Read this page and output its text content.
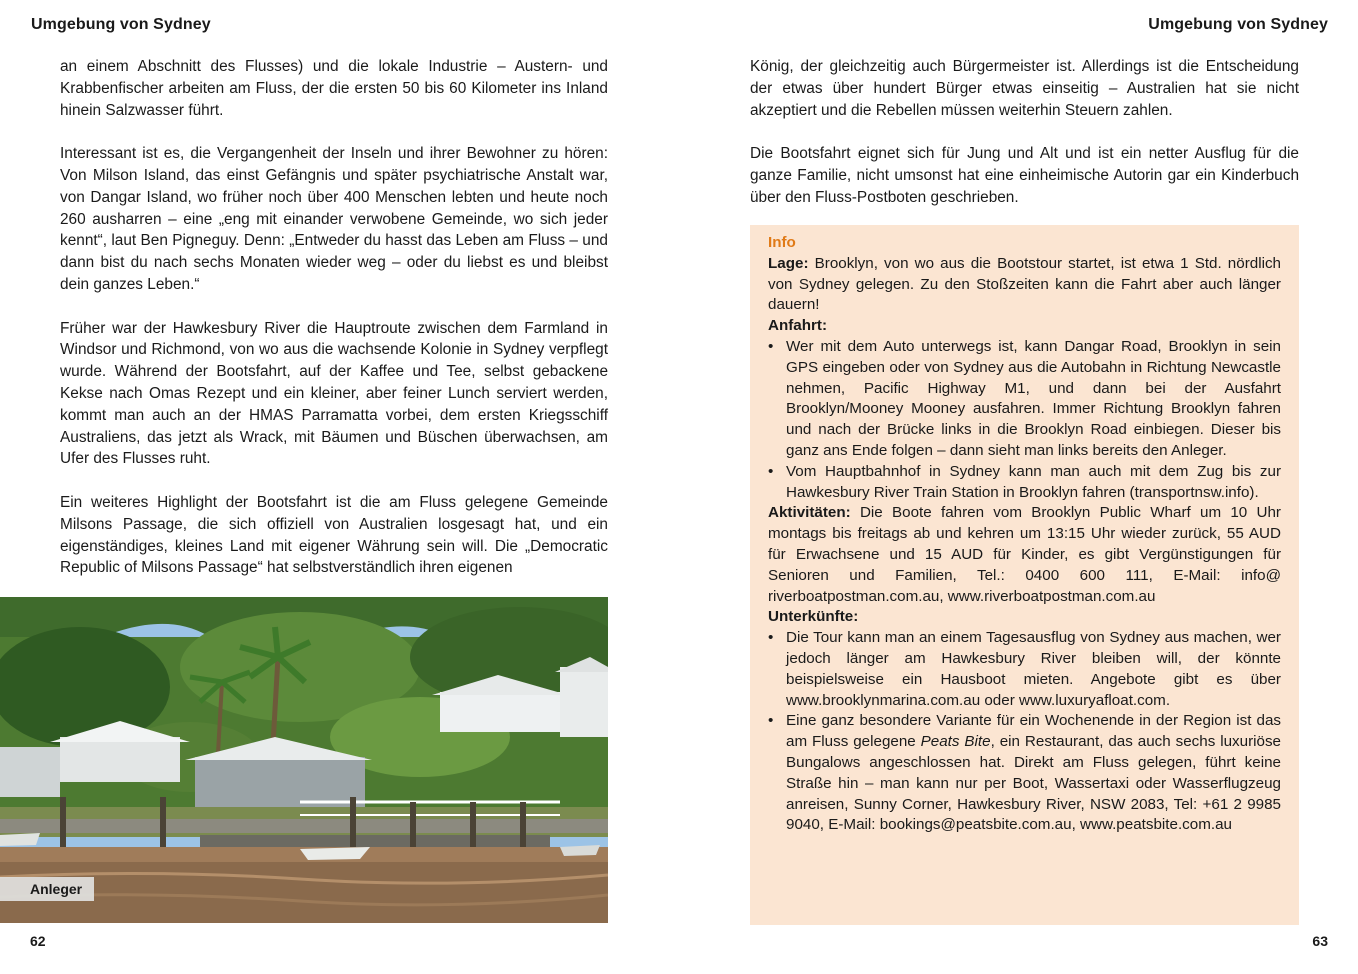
Umgebung von Sydney

an einem Abschnitt des Flusses) und die lokale Industrie – Austern- und Krabbenfischer arbeiten am Fluss, der die ersten 50 bis 60 Kilometer ins Inland hinein Salzwasser führt.

Interessant ist es, die Vergangenheit der Inseln und ihrer Bewohner zu hören: Von Milson Island, das einst Gefängnis und später psychiatrische Anstalt war, von Dangar Island, wo früher noch über 400 Menschen lebten und heute noch 260 ausharren – eine „eng mit einander verwobene Gemeinde, wo sich jeder kennt“, laut Ben Pigneguy. Denn: „Entweder du hasst das Leben am Fluss – und dann bist du nach sechs Monaten wieder weg – oder du liebst es und bleibst dein ganzes Leben.“

Früher war der Hawkesbury River die Hauptroute zwischen dem Farmland in Windsor und Richmond, von wo aus die wachsende Kolonie in Sydney verpflegt wurde. Während der Bootsfahrt, auf der Kaffee und Tee, selbst gebackene Kekse nach Omas Rezept und ein kleiner, aber feiner Lunch serviert werden, kommt man auch an der HMAS Parramatta vorbei, dem ersten Kriegsschiff Australiens, das jetzt als Wrack, mit Bäumen und Büschen überwachsen, am Ufer des Flusses ruht.

Ein weiteres Highlight der Bootsfahrt ist die am Fluss gelegene Gemeinde Milsons Passage, die sich offiziell von Australien losgesagt hat, und ein eigenständiges, kleines Land mit eigener Währung sein will. Die „Democratic Republic of Milsons Passage“ hat selbstverständlich ihren eigenen

Anleger
62
Umgebung von Sydney

König, der gleichzeitig auch Bürgermeister ist. Allerdings ist die Entscheidung der etwas über hundert Bürger etwas einseitig – Australien hat sie nicht akzeptiert und die Rebellen müssen weiterhin Steuern zahlen.

Die Bootsfahrt eignet sich für Jung und Alt und ist ein netter Ausflug für die ganze Familie, nicht umsonst hat eine einheimische Autorin gar ein Kinderbuch über den Fluss-Postboten geschrieben.

Info
Lage: Brooklyn, von wo aus die Bootstour startet, ist etwa 1 Std. nördlich von Sydney gelegen. Zu den Stoßzeiten kann die Fahrt aber auch länger dauern!
Anfahrt:
• Wer mit dem Auto unterwegs ist, kann Dangar Road, Brooklyn in sein GPS eingeben oder von Sydney aus die Autobahn in Richtung Newcastle nehmen, Pacific Highway M1, und dann bei der Ausfahrt Brooklyn/Mooney Mooney ausfahren. Immer Richtung Brooklyn fahren und nach der Brücke links in die Brooklyn Road einbiegen. Dieser bis ganz ans Ende folgen – dann sieht man links bereits den Anleger.
• Vom Hauptbahnhof in Sydney kann man auch mit dem Zug bis zur Hawkesbury River Train Station in Brooklyn fahren (transportnsw.​info).
Aktivitäten: Die Boote fahren vom Brooklyn Public Wharf um 10 Uhr montags bis freitags ab und kehren um 13:15 Uhr wieder zurück, 55 AUD für Erwachsene und 15 AUD für Kinder, es gibt Vergünstigungen für Senioren und Familien, Tel.: 0400 600 111, E-Mail: info@​riverboatpostman.com.au, www.riverboatpostman.com.au
Unterkünfte:
• Die Tour kann man an einem Tagesausflug von Sydney aus machen, wer jedoch länger am Hawkesbury River bleiben will, der könnte beispielsweise ein Hausboot mieten. Angebote gibt es über www.brooklynmarina.com.au oder www.luxuryafloat.com.
• Eine ganz besondere Variante für ein Wochenende in der Region ist das am Fluss gelegene Peats Bite, ein Restaurant, das auch sechs luxuriöse Bungalows angeschlossen hat. Direkt am Fluss gelegen, führt keine Straße hin – man kann nur per Boot, Wassertaxi oder Wasserflugzeug anreisen, Sunny Corner, Hawkesbury River, NSW 2083, Tel: +61 2 9985 9040, E-Mail: bookings@​peatsbite.com.au, www.peatsbite.com.au
63
